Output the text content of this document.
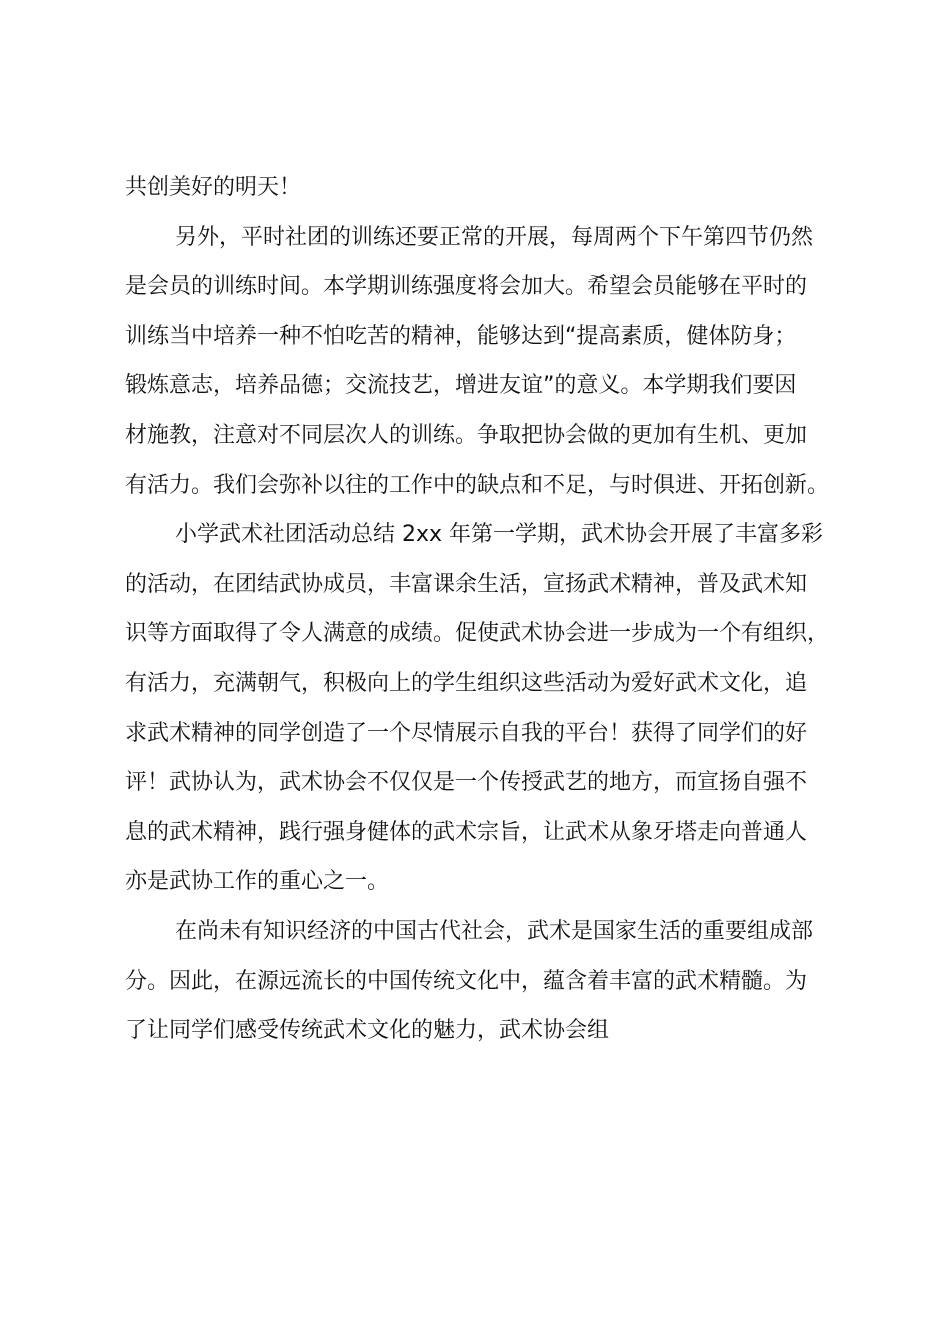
共创美好的明天！
另外，平时社团的训练还要正常的开展，每周两个下午第四节仍然
是会员的训练时间。本学期训练强度将会加大。希望会员能够在平时的
训练当中培养一种不怕吃苦的精神，能够达到“提高素质，健体防身；
锻炼意志，培养品德；交流技艺，增进友谊”的意义。本学期我们要因
材施教，注意对不同层次人的训练。争取把协会做的更加有生机、更加
有活力。我们会弥补以往的工作中的缺点和不足，与时俱进、开拓创新。
小学武术社团活动总结 2xx 年第一学期，武术协会开展了丰富多彩
的活动，在团结武协成员，丰富课余生活，宣扬武术精神，普及武术知
识等方面取得了令人满意的成绩。促使武术协会进一步成为一个有组织，
有活力，充满朝气，积极向上的学生组织这些活动为爱好武术文化，追
求武术精神的同学创造了一个尽情展示自我的平台！获得了同学们的好
评！武协认为，武术协会不仅仅是一个传授武艺的地方，而宣扬自强不
息的武术精神，践行强身健体的武术宗旨，让武术从象牙塔走向普通人
亦是武协工作的重心之一。
在尚未有知识经济的中国古代社会，武术是国家生活的重要组成部
分。因此，在源远流长的中国传统文化中，蕴含着丰富的武术精髓。为
了让同学们感受传统武术文化的魅力，武术协会组
